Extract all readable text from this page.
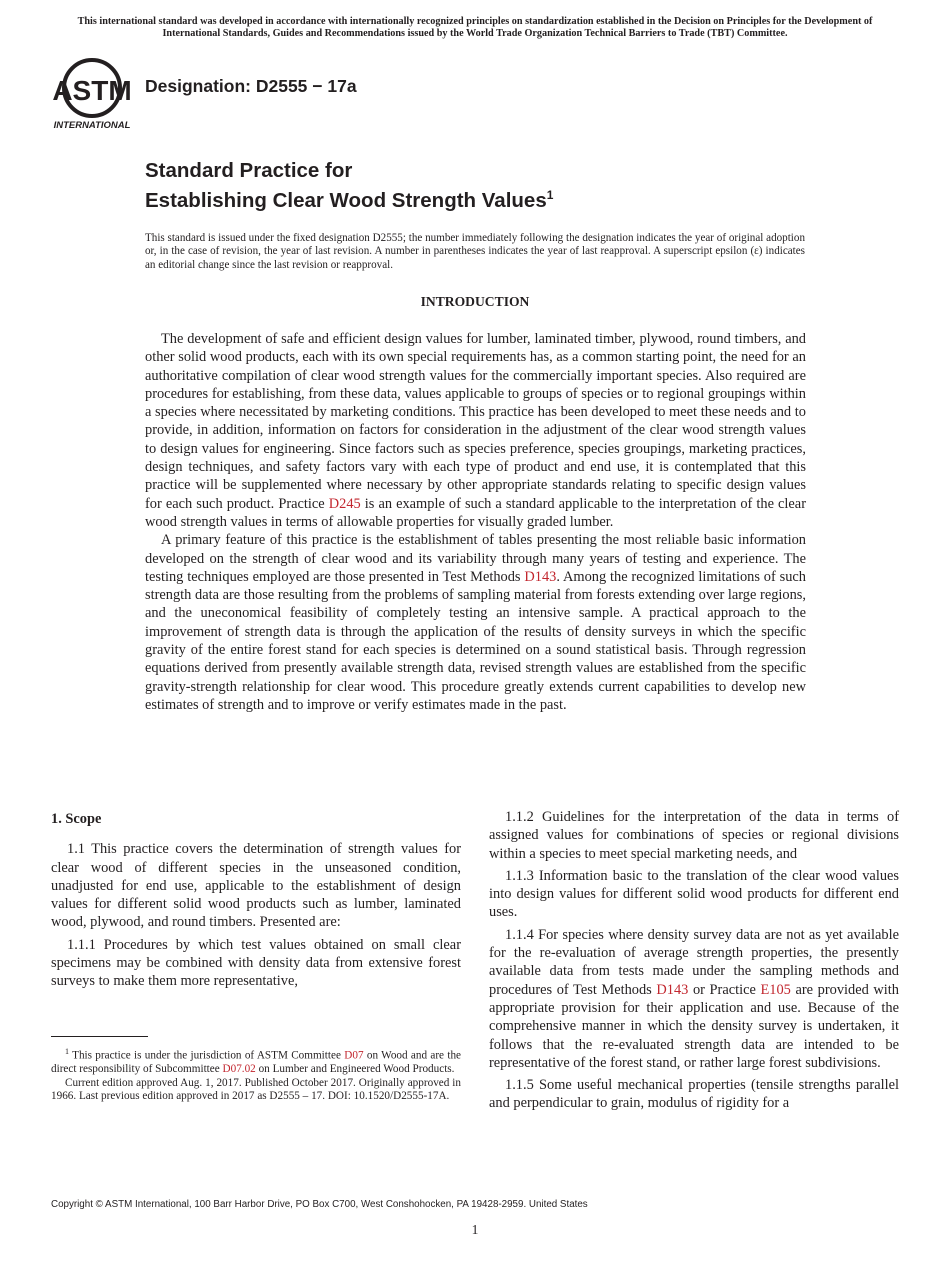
This international standard was developed in accordance with internationally recognized principles on standardization established in the Decision on Principles for the Development of International Standards, Guides and Recommendations issued by the World Trade Organization Technical Barriers to Trade (TBT) Committee.
ASTM
INTERNATIONAL
Designation: D2555 − 17a
Standard Practice for
Establishing Clear Wood Strength Values$^1$
This standard is issued under the fixed designation D2555; the number immediately following the designation indicates the year of original adoption or, in the case of revision, the year of last revision. A number in parentheses indicates the year of last reapproval. A superscript epsilon (ε) indicates an editorial change since the last revision or reapproval.
INTRODUCTION

The development of safe and efficient design values for lumber, laminated timber, plywood, round timbers, and other solid wood products, each with its own special requirements has, as a common starting point, the need for an authoritative compilation of clear wood strength values for the commercially important species. Also required are procedures for establishing, from these data, values applicable to groups of species or to regional groupings within a species where necessitated by marketing conditions. This practice has been developed to meet these needs and to provide, in addition, information on factors for consideration in the adjustment of the clear wood strength values to design values for engineering. Since factors such as species preference, species groupings, marketing practices, design techniques, and safety factors vary with each type of product and end use, it is contemplated that this practice will be supplemented where necessary by other appropriate standards relating to specific design values for each such product. Practice D245 is an example of such a standard applicable to the interpretation of the clear wood strength values in terms of allowable properties for visually graded lumber.

A primary feature of this practice is the establishment of tables presenting the most reliable basic information developed on the strength of clear wood and its variability through many years of testing and experience. The testing techniques employed are those presented in Test Methods D143. Among the recognized limitations of such strength data are those resulting from the problems of sampling material from forests extending over large regions, and the uneconomical feasibility of completely testing an intensive sample. A practical approach to the improvement of strength data is through the application of the results of density surveys in which the specific gravity of the entire forest stand for each species is determined on a sound statistical basis. Through regression equations derived from presently available strength data, revised strength values are established from the specific gravity-strength relationship for clear wood. This procedure greatly extends current capabilities to develop new estimates of strength and to improve or verify estimates made in the past.

1. Scope

1.1 This practice covers the determination of strength values for clear wood of different species in the unseasoned condition, unadjusted for end use, applicable to the establishment of design values for different solid wood products such as lumber, laminated wood, plywood, and round timbers. Presented are:

1.1.1 Procedures by which test values obtained on small clear specimens may be combined with density data from extensive forest surveys to make them more representative,

1.1.2 Guidelines for the interpretation of the data in terms of assigned values for combinations of species or regional divisions within a species to meet special marketing needs, and

1.1.3 Information basic to the translation of the clear wood values into design values for different solid wood products for different end uses.

1.1.4 For species where density survey data are not as yet available for the re-evaluation of average strength properties, the presently available data from tests made under the sampling methods and procedures of Test Methods D143 or Practice E105 are provided with appropriate provision for their application and use. Because of the comprehensive manner in which the density survey is undertaken, it follows that the re-evaluated strength data are intended to be representative of the forest stand, or rather large forest subdivisions.

1.1.5 Some useful mechanical properties (tensile strengths parallel and perpendicular to grain, modulus of rigidity for a

$^1$ This practice is under the jurisdiction of ASTM Committee D07 on Wood and are the direct responsibility of Subcommittee D07.02 on Lumber and Engineered Wood Products.

Current edition approved Aug. 1, 2017. Published October 2017. Originally approved in 1966. Last previous edition approved in 2017 as D2555 – 17. DOI: 10.1520/D2555-17A.

Copyright © ASTM International, 100 Barr Harbor Drive, PO Box C700, West Conshohocken, PA 19428-2959. United States
1
